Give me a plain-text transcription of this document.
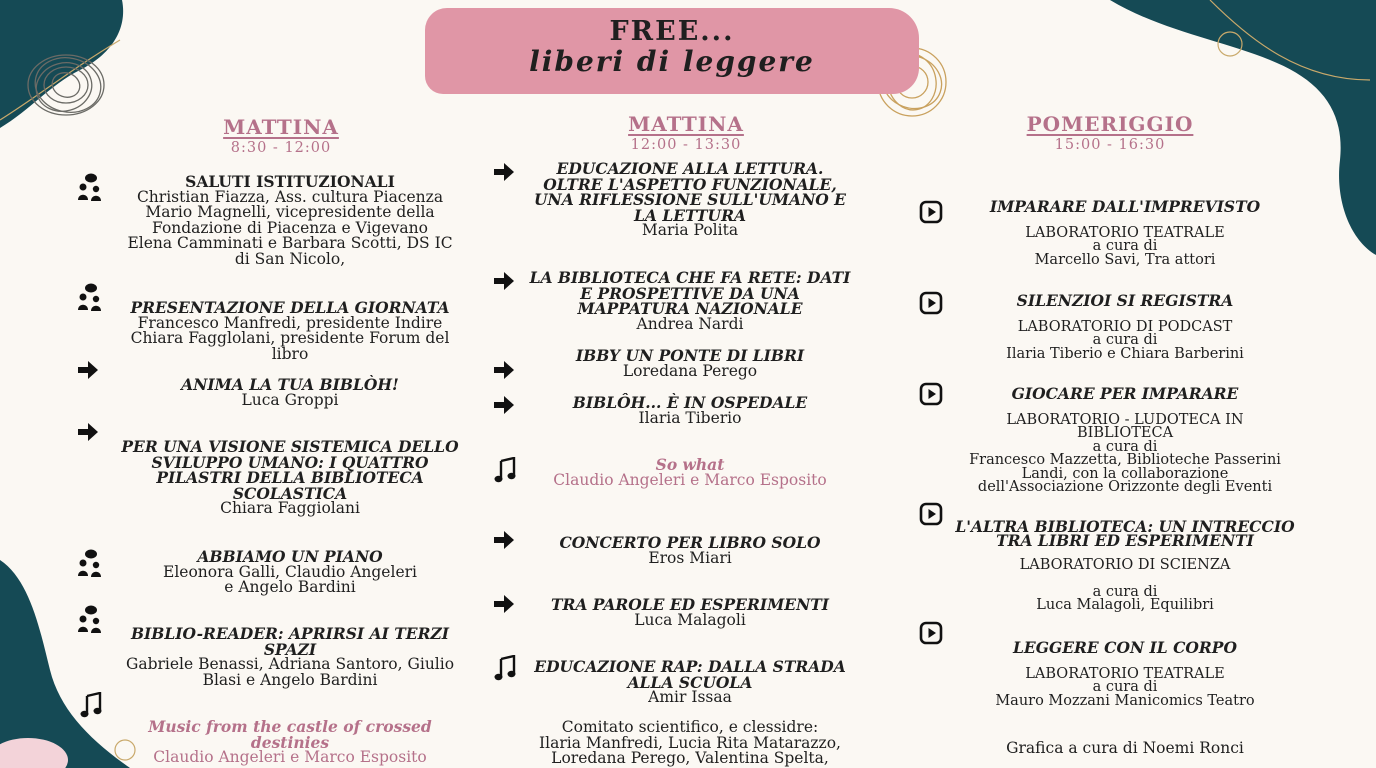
FREE...
liberi di leggere
MATTINA
8:30 - 12:00
SALUTI ISTITUZIONALI
Christian Fiazza, Ass. cultura Piacenza
Mario Magnelli, vicepresidente della
Fondazione di Piacenza e Vigevano
Elena Camminati e Barbara Scotti, DS IC
di San Nicolo,
PRESENTAZIONE DELLA GIORNATA
Francesco Manfredi, presidente Indire
Chiara Fagglolani, presidente Forum del
libro
ANIMA LA TUA BIBLÒH!
Luca Groppi
PER UNA VISIONE SISTEMICA DELLO
SVILUPPO UMANO: I QUATTRO
PILASTRI DELLA BIBLIOTECA
SCOLASTICA
Chiara Faggiolani
ABBIAMO UN PIANO
Eleonora Galli, Claudio Angeleri
e Angelo Bardini
BIBLIO-READER: APRIRSI AI TERZI
SPAZI
Gabriele Benassi, Adriana Santoro, Giulio
Blasi e Angelo Bardini
Music from the castle of crossed
destinies
Claudio Angeleri e Marco Esposito
MATTINA
12:00 - 13:30
EDUCAZIONE ALLA LETTURA.
OLTRE L'ASPETTO FUNZIONALE,
UNA RIFLESSIONE SULL'UMANO E
LA LETTURA
Maria Polita
LA BIBLIOTECA CHE FA RETE: DATI
E PROSPETTIVE DA UNA
MAPPATURA NAZIONALE
Andrea Nardi
IBBY UN PONTE DI LIBRI
Loredana Perego
BIBLÔH... È IN OSPEDALE
Ilaria Tiberio
So what
Claudio Angeleri e Marco Esposito
CONCERTO PER LIBRO SOLO
Eros Miari
TRA PAROLE ED ESPERIMENTI
Luca Malagoli
EDUCAZIONE RAP: DALLA STRADA
ALLA SCUOLA
Amir Issaa
Comitato scientifico, e clessidre:
Ilaria Manfredi, Lucia Rita Matarazzo,
Loredana Perego, Valentina Spelta,
POMERIGGIO
15:00 - 16:30
IMPARARE DALL'IMPREVISTO
LABORATORIO TEATRALE
a cura di
Marcello Savi, Tra attori
SILENZIOI SI REGISTRA
LABORATORIO DI PODCAST
a cura di
Ilaria Tiberio e Chiara Barberini
GIOCARE PER IMPARARE
LABORATORIO - LUDOTECA IN
BIBLIOTECA
a cura di
Francesco Mazzetta, Biblioteche Passerini
Landi, con la collaborazione
dell'Associazione Orizzonte degli Eventi
L'ALTRA BIBLIOTECA: UN INTRECCIO
TRA LIBRI ED ESPERIMENTI
LABORATORIO DI SCIENZA
a cura di
Luca Malagoli, Equilibri
LEGGERE CON IL CORPO
LABORATORIO TEATRALE
a cura di
Mauro Mozzani Manicomics Teatro
Grafica a cura di Noemi Ronci
